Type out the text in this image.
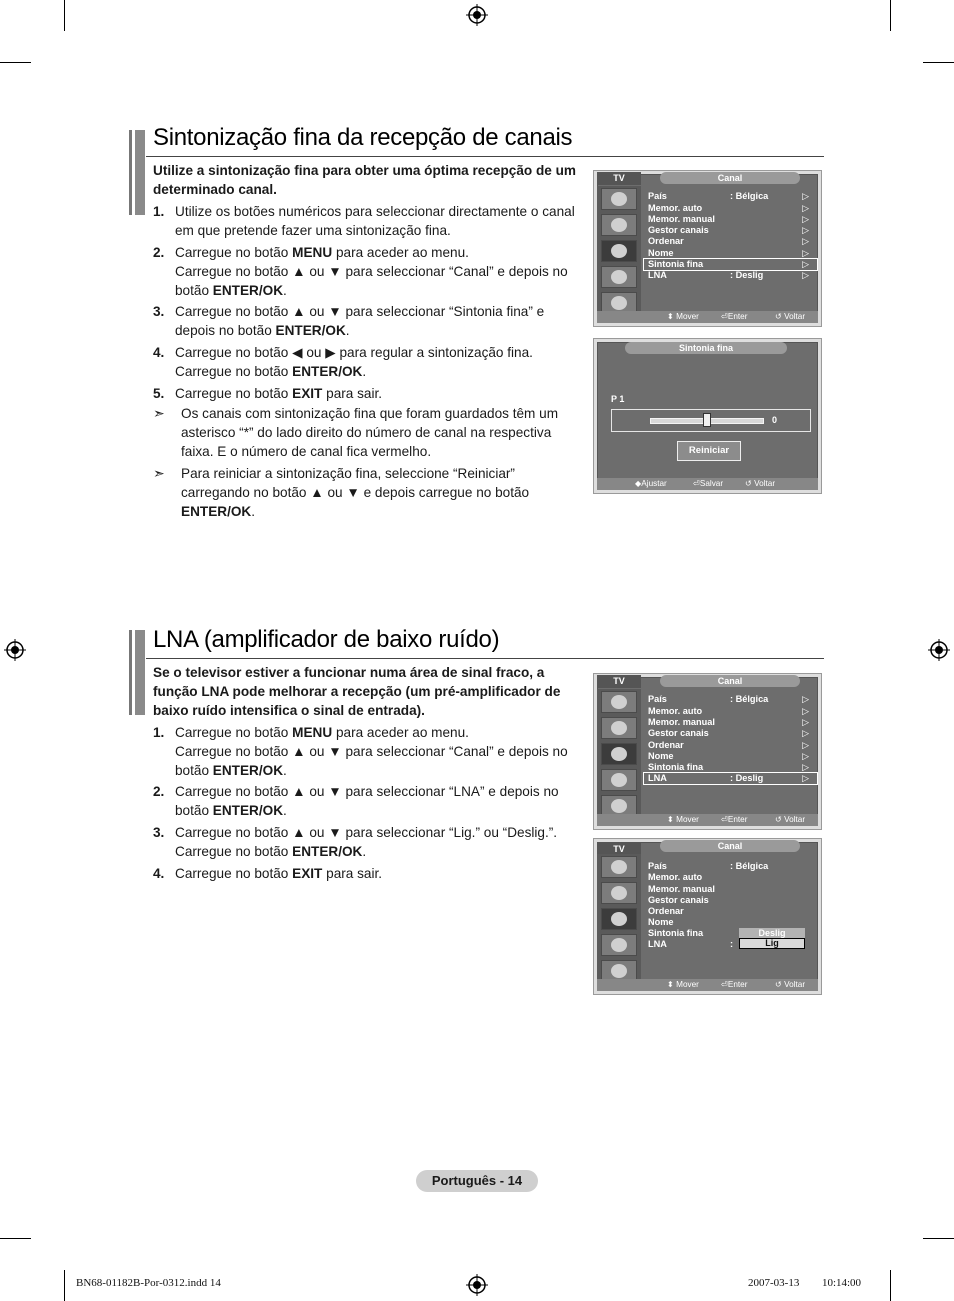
Sintonização fina da recepção de canais
Utilize a sintonização fina para obter uma óptima recepção de um determinado canal.
1. Utilize os botões numéricos para seleccionar directamente o canal em que pretende fazer uma sintonização fina.
2. Carregue no botão MENU para aceder ao menu.
Carregue no botão ▲ ou ▼ para seleccionar “Canal” e depois no botão ENTER/OK.
3. Carregue no botão ▲ ou ▼ para seleccionar “Sintonia fina” e depois no botão ENTER/OK.
4. Carregue no botão ◀ ou ▶ para regular a sintonização fina.
Carregue no botão ENTER/OK.
5. Carregue no botão EXIT para sair.
➣ Os canais com sintonização fina que foram guardados têm um asterisco “*” do lado direito do número de canal na respectiva faixa. E o número de canal fica vermelho.
➣ Para reiniciar a sintonização fina, seleccione “Reiniciar” carregando no botão ▲ ou ▼ e depois carregue no botão ENTER/OK.
TV	Canal
País	: Bélgica	▷
Memor. auto	▷
Memor. manual	▷
Gestor canais	▷
Ordenar	▷
Nome	▷
Sintonia fina	▷
LNA	: Deslig	▷
⬍ Mover	⏎Enter	↺ Voltar
Sintonia fina
P 1
0
Reiniciar
◆Ajustar	⏎Salvar	↺ Voltar
LNA (amplificador de baixo ruído)
Se o televisor estiver a funcionar numa área de sinal fraco, a função LNA pode melhorar a recepção (um pré-amplificador de baixo ruído intensifica o sinal de entrada).
1. Carregue no botão MENU para aceder ao menu.
Carregue no botão ▲ ou ▼ para seleccionar “Canal” e depois no botão ENTER/OK.
2. Carregue no botão ▲ ou ▼ para seleccionar “LNA” e depois no botão ENTER/OK.
3. Carregue no botão ▲ ou ▼ para seleccionar “Lig.” ou “Deslig.”.
Carregue no botão ENTER/OK.
4. Carregue no botão EXIT para sair.
TV	Canal
País	: Bélgica	▷
Memor. auto	▷
Memor. manual	▷
Gestor canais	▷
Ordenar	▷
Nome	▷
Sintonia fina	▷
LNA	: Deslig	▷
⬍ Mover	⏎Enter	↺ Voltar
TV	Canal
País	: Bélgica
Memor. auto
Memor. manual
Gestor canais
Ordenar
Nome
Sintonia fina
LNA	:
Deslig
Lig
⬍ Mover	⏎Enter	↺ Voltar
Português - 14
BN68-01182B-Por-0312.indd 14	2007-03-13 ￿￿ 10:14:00
